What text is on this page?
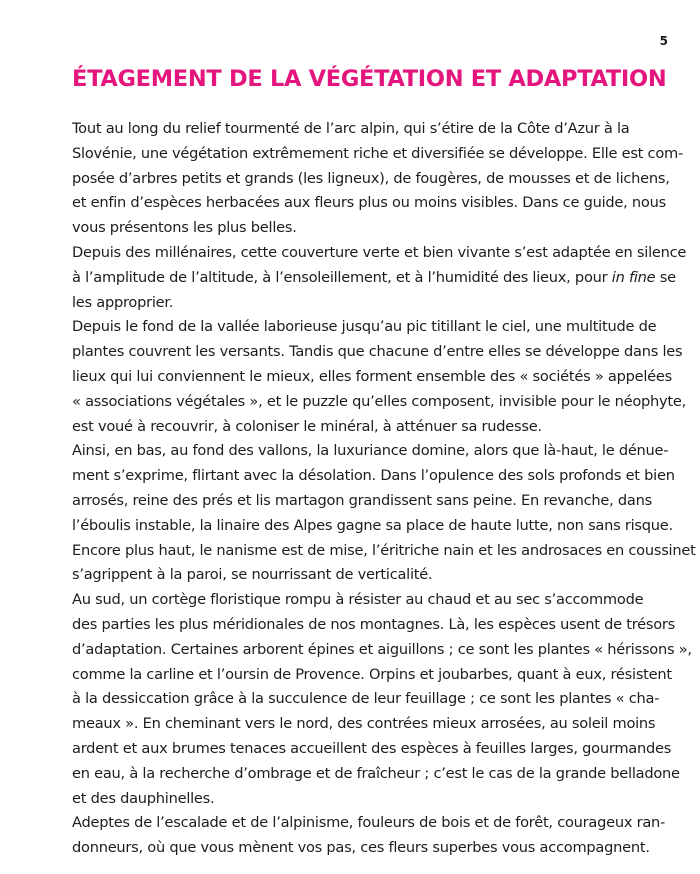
5
ÉTAGEMENT DE LA VÉGÉTATION ET ADAPTATION
Tout au long du relief tourmenté de l’arc alpin, qui s’étire de la Côte d’Azur à la
Slovénie, une végétation extrêmement riche et diversifiée se développe. Elle est com-
posée d’arbres petits et grands (les ligneux), de fougères, de mousses et de lichens,
et enfin d’espèces herbacées aux fleurs plus ou moins visibles. Dans ce guide, nous
vous présentons les plus belles.
Depuis des millénaires, cette couverture verte et bien vivante s’est adaptée en silence
à l’amplitude de l’altitude, à l’ensoleillement, et à l’humidité des lieux, pour in fine se
les approprier.
Depuis le fond de la vallée laborieuse jusqu’au pic titillant le ciel, une multitude de
plantes couvrent les versants. Tandis que chacune d’entre elles se développe dans les
lieux qui lui conviennent le mieux, elles forment ensemble des « sociétés » appelées
« associations végétales », et le puzzle qu’elles composent, invisible pour le néophyte,
est voué à recouvrir, à coloniser le minéral, à atténuer sa rudesse.
Ainsi, en bas, au fond des vallons, la luxuriance domine, alors que là-haut, le dénue-
ment s’exprime, flirtant avec la désolation. Dans l’opulence des sols profonds et bien
arrosés, reine des prés et lis martagon grandissent sans peine. En revanche, dans
l’éboulis instable, la linaire des Alpes gagne sa place de haute lutte, non sans risque.
Encore plus haut, le nanisme est de mise, l’éritriche nain et les androsaces en coussinet
s’agrippent à la paroi, se nourrissant de verticalité.
Au sud, un cortège floristique rompu à résister au chaud et au sec s’accommode
des parties les plus méridionales de nos montagnes. Là, les espèces usent de trésors
d’adaptation. Certaines arborent épines et aiguillons ; ce sont les plantes « hérissons »,
comme la carline et l’oursin de Provence. Orpins et joubarbes, quant à eux, résistent
à la dessiccation grâce à la succulence de leur feuillage ; ce sont les plantes « cha-
meaux ». En cheminant vers le nord, des contrées mieux arrosées, au soleil moins
ardent et aux brumes tenaces accueillent des espèces à feuilles larges, gourmandes
en eau, à la recherche d’ombrage et de fraîcheur ; c’est le cas de la grande belladone
et des dauphinelles.
Adeptes de l’escalade et de l’alpinisme, fouleurs de bois et de forêt, courageux ran-
donneurs, où que vous mènent vos pas, ces fleurs superbes vous accompagnent.
